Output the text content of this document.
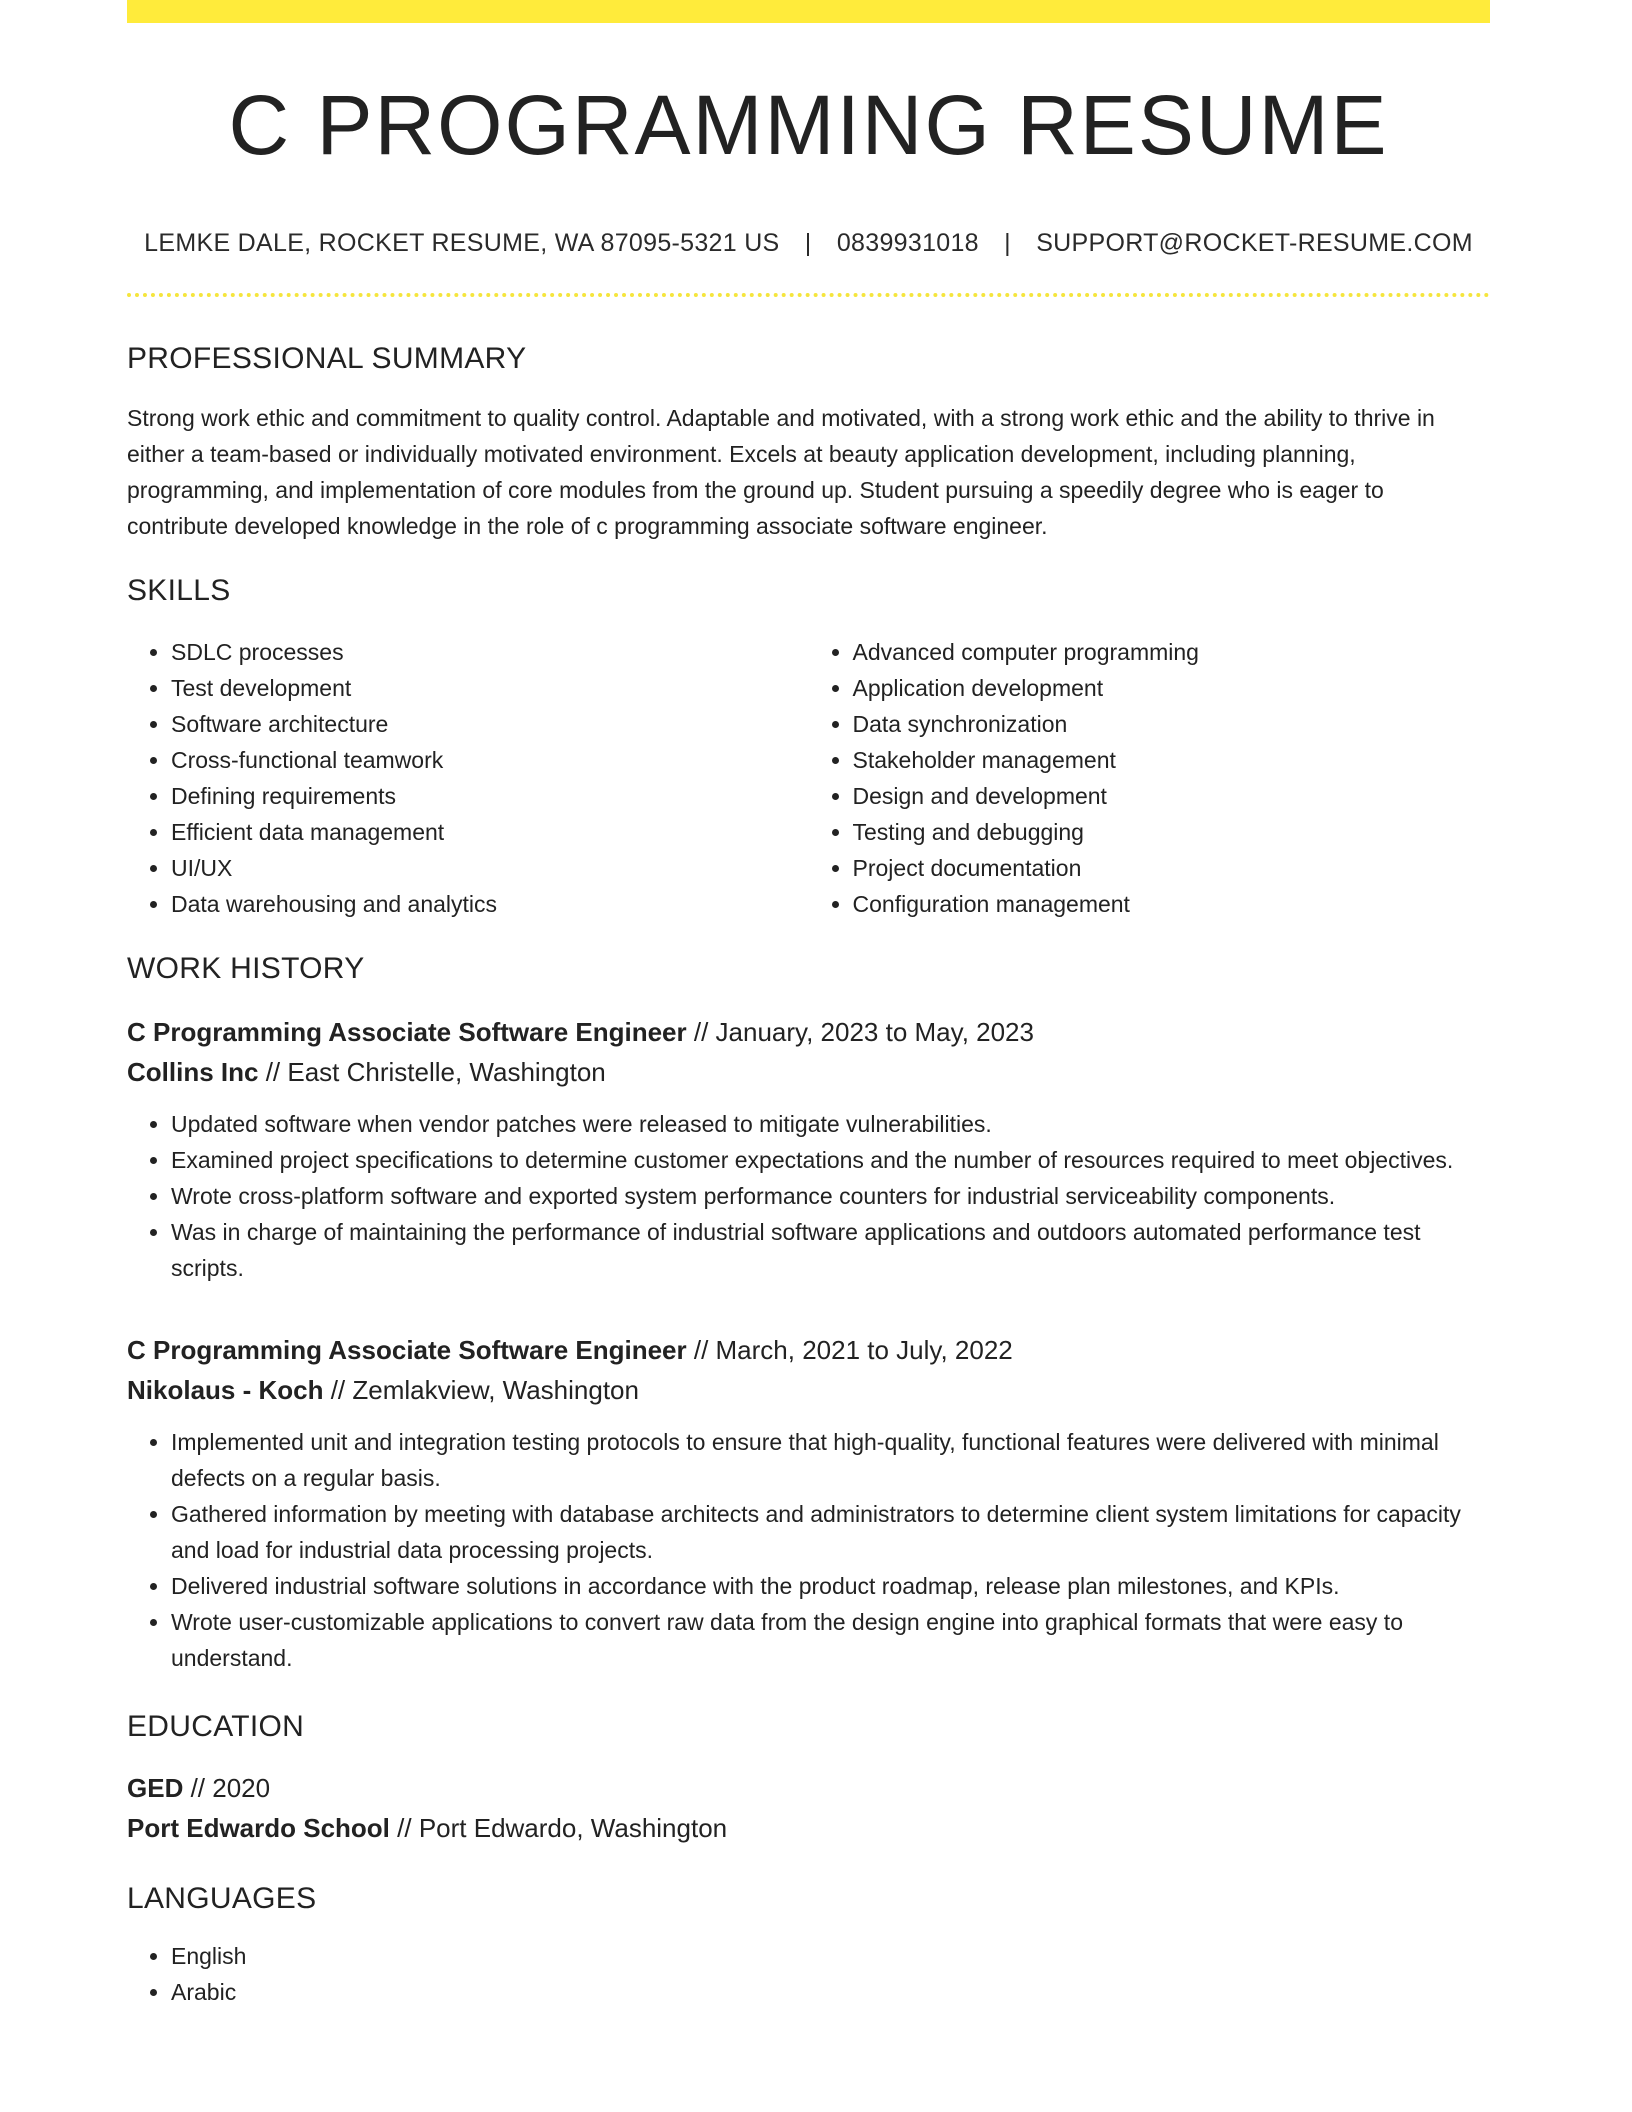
C PROGRAMMING RESUME
LEMKE DALE, ROCKET RESUME, WA 87095-5321 US | 0839931018 | SUPPORT@ROCKET-RESUME.COM
PROFESSIONAL SUMMARY
Strong work ethic and commitment to quality control. Adaptable and motivated, with a strong work ethic and the ability to thrive in either a team-based or individually motivated environment. Excels at beauty application development, including planning, programming, and implementation of core modules from the ground up. Student pursuing a speedily degree who is eager to contribute developed knowledge in the role of c programming associate software engineer.
SKILLS
• SDLC processes
• Test development
• Software architecture
• Cross-functional teamwork
• Defining requirements
• Efficient data management
• UI/UX
• Data warehousing and analytics
• Advanced computer programming
• Application development
• Data synchronization
• Stakeholder management
• Design and development
• Testing and debugging
• Project documentation
• Configuration management
WORK HISTORY
C Programming Associate Software Engineer // January, 2023 to May, 2023
Collins Inc // East Christelle, Washington
• Updated software when vendor patches were released to mitigate vulnerabilities.
• Examined project specifications to determine customer expectations and the number of resources required to meet objectives.
• Wrote cross-platform software and exported system performance counters for industrial serviceability components.
• Was in charge of maintaining the performance of industrial software applications and outdoors automated performance test scripts.
C Programming Associate Software Engineer // March, 2021 to July, 2022
Nikolaus - Koch // Zemlakview, Washington
• Implemented unit and integration testing protocols to ensure that high-quality, functional features were delivered with minimal defects on a regular basis.
• Gathered information by meeting with database architects and administrators to determine client system limitations for capacity and load for industrial data processing projects.
• Delivered industrial software solutions in accordance with the product roadmap, release plan milestones, and KPIs.
• Wrote user-customizable applications to convert raw data from the design engine into graphical formats that were easy to understand.
EDUCATION
GED // 2020
Port Edwardo School // Port Edwardo, Washington
LANGUAGES
• English
• Arabic
